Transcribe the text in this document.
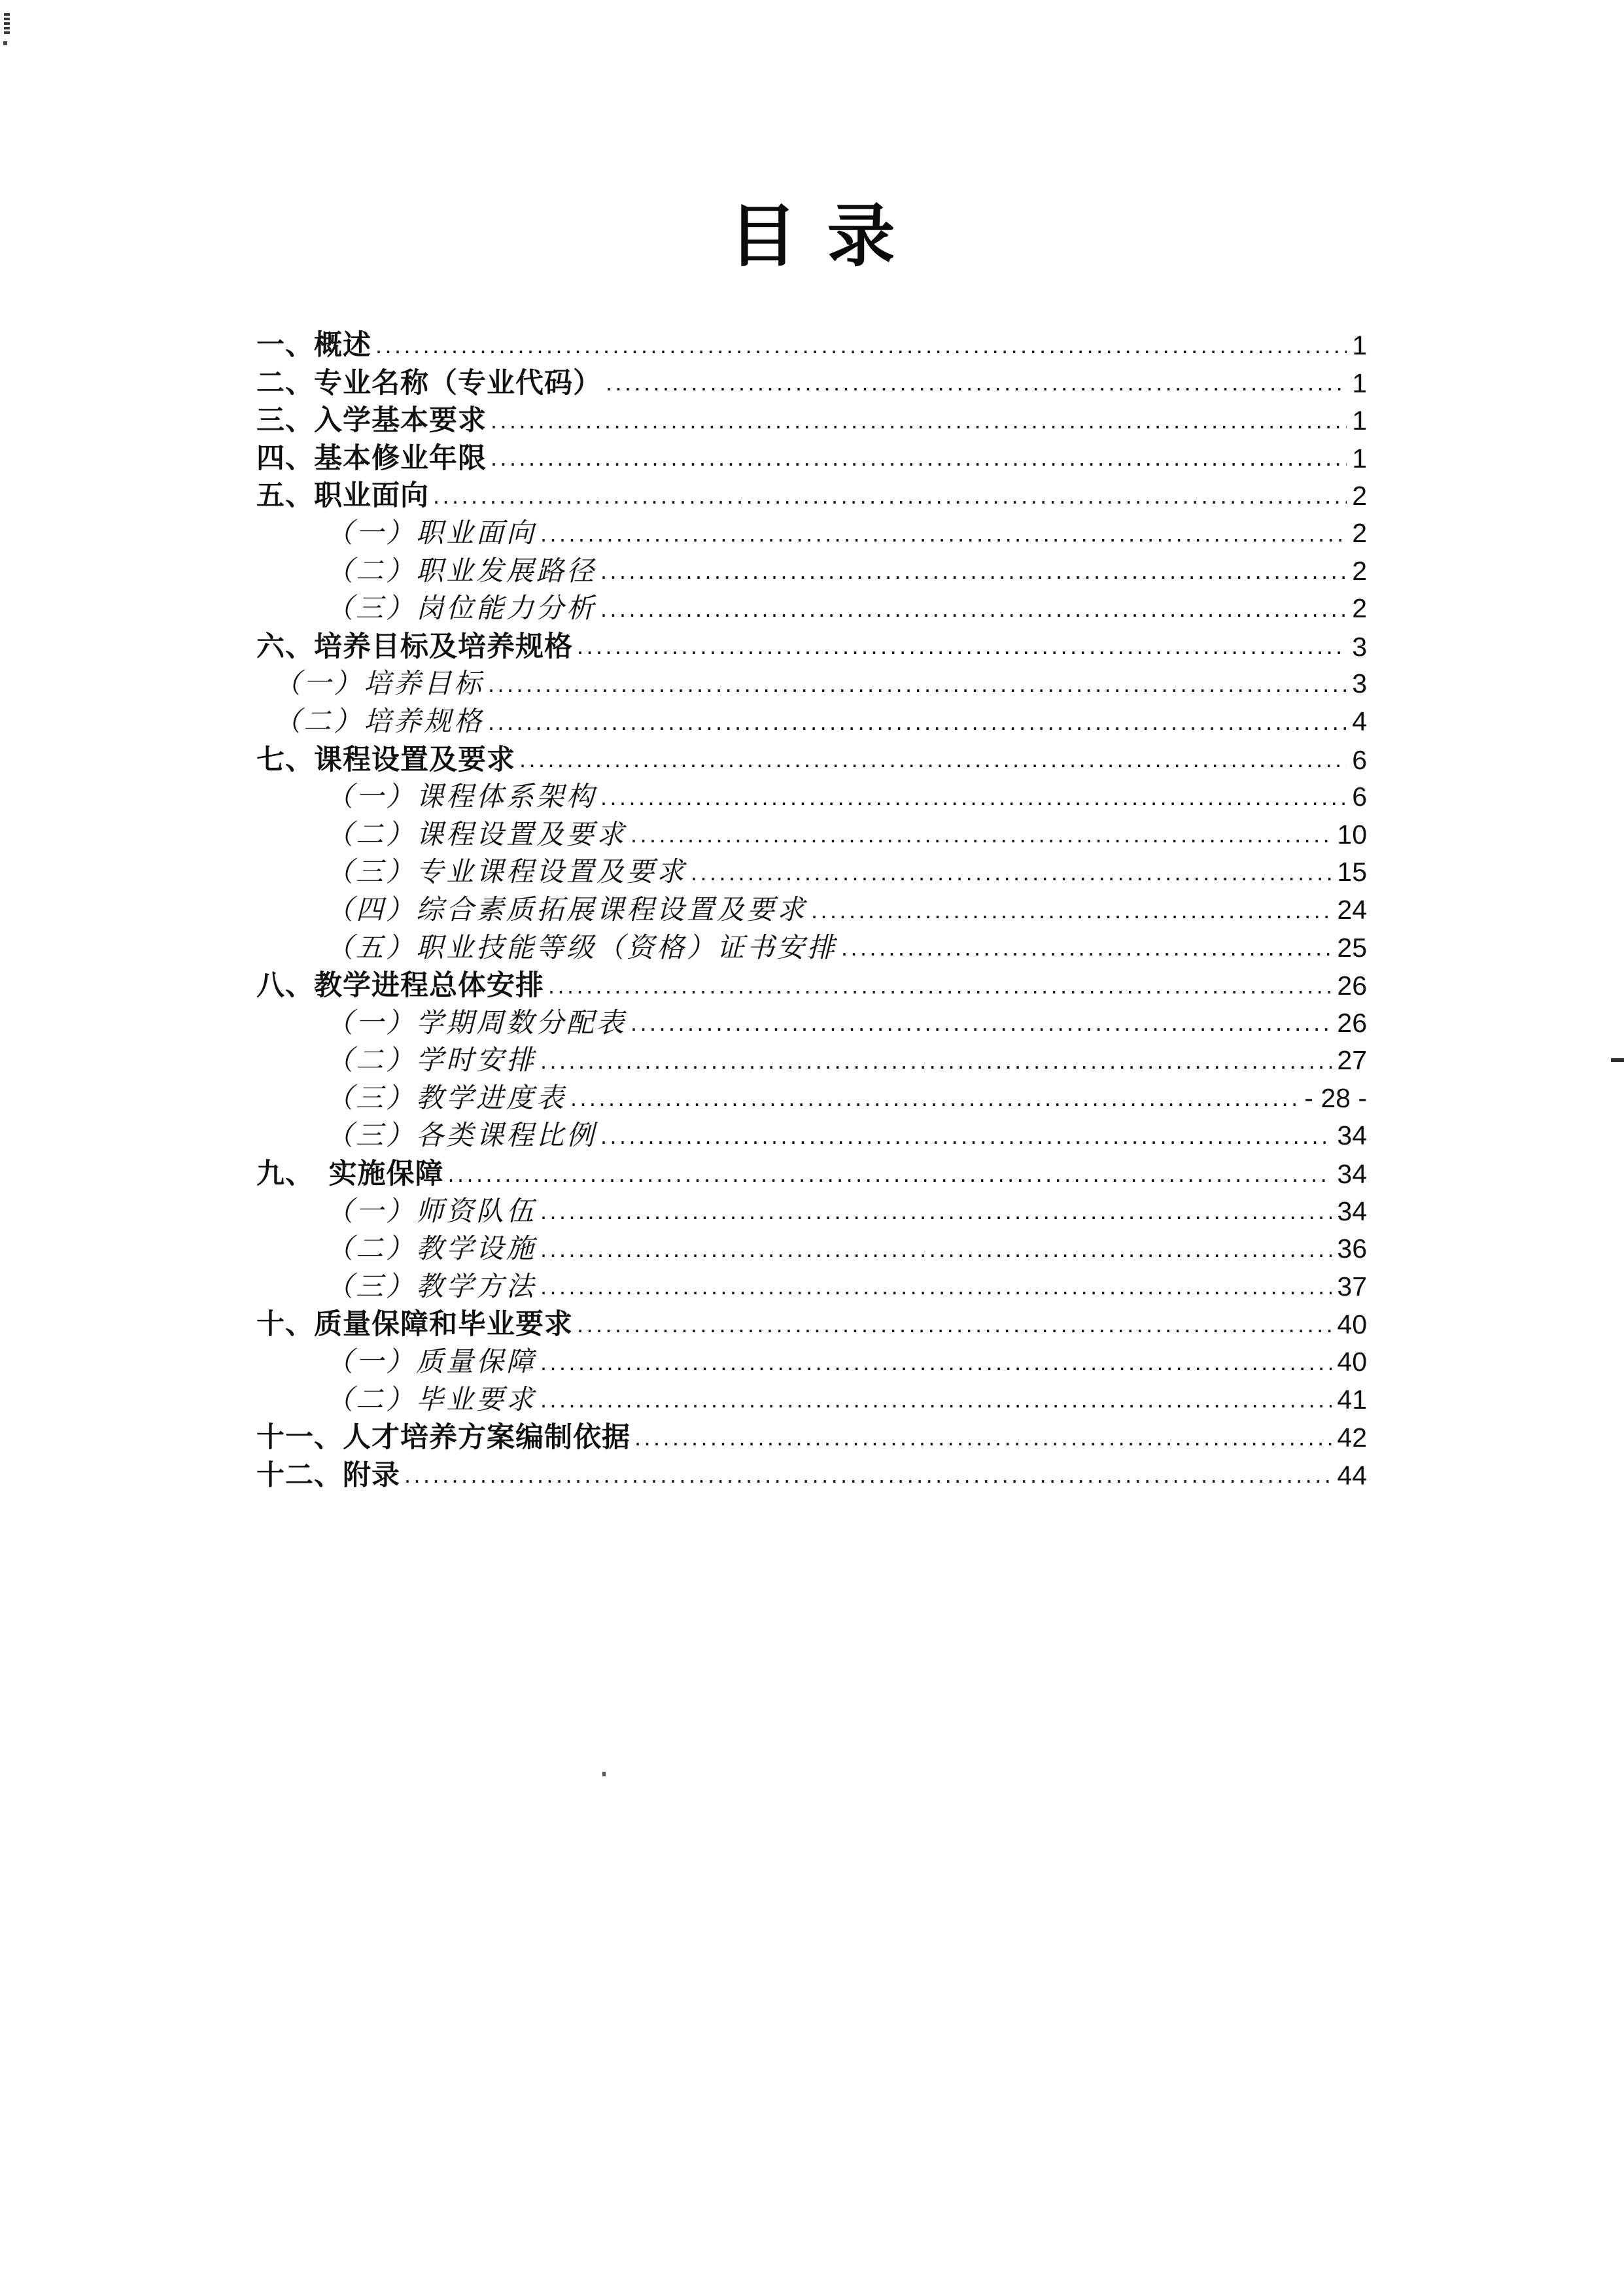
目录
一、概述 .....	1
二、专业名称（专业代码） .....	1
三、入学基本要求 .....	1
四、基本修业年限 .....	1
五、职业面向 .....	2
（一）职业面向 .....	2
（二）职业发展路径 .....	2
（三）岗位能力分析 .....	2
六、培养目标及培养规格 .....	3
（一）培养目标 .....	3
（二）培养规格 .....	4
七、课程设置及要求 .....	6
（一）课程体系架构 .....	6
（二）课程设置及要求 .....	10
（三）专业课程设置及要求 .....	15
（四）综合素质拓展课程设置及要求 .....	24
（五）职业技能等级（资格）证书安排 .....	25
八、教学进程总体安排 .....	26
（一）学期周数分配表 .....	26
（二）学时安排 .....	27
（三）教学进度表 .....	- 28 -
（三）各类课程比例 .....	34
九、　实施保障 .....	34
（一）师资队伍 .....	34
（二）教学设施 .....	36
（三）教学方法 .....	37
十、质量保障和毕业要求 .....	40
（一）质量保障 .....	40
（二）毕业要求 .....	41
十一、人才培养方案编制依据 .....	42
十二、附录 .....	44
